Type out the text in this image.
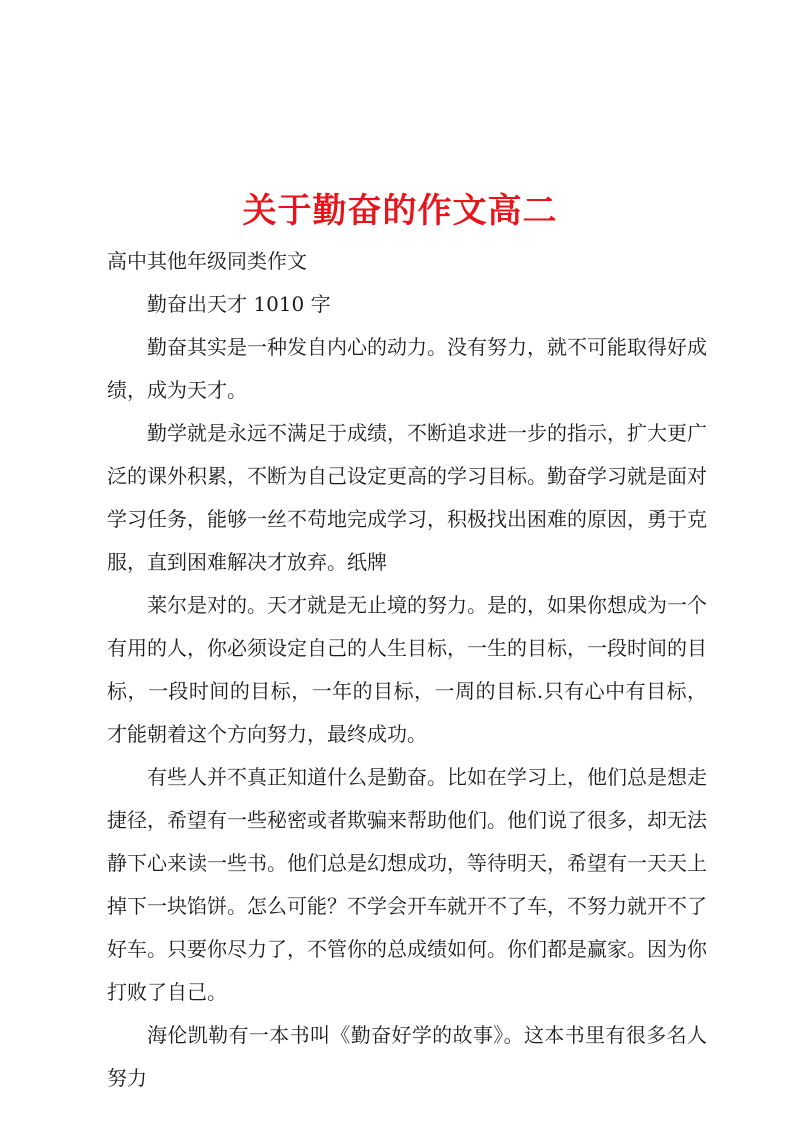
关于勤奋的作文高二

高中其他年级同类作文

勤奋出天才 1010 字

勤奋其实是一种发自内心的动力。没有努力，就不可能取得好成绩，成为天才。

勤学就是永远不满足于成绩，不断追求进一步的指示，扩大更广泛的课外积累，不断为自己设定更高的学习目标。勤奋学习就是面对学习任务，能够一丝不苟地完成学习，积极找出困难的原因，勇于克服，直到困难解决才放弃。纸牌

莱尔是对的。天才就是无止境的努力。是的，如果你想成为一个有用的人，你必须设定自己的人生目标，一生的目标，一段时间的目标，一段时间的目标，一年的目标，一周的目标.只有心中有目标，才能朝着这个方向努力，最终成功。

有些人并不真正知道什么是勤奋。比如在学习上，他们总是想走捷径，希望有一些秘密或者欺骗来帮助他们。他们说了很多，却无法静下心来读一些书。他们总是幻想成功，等待明天，希望有一天天上掉下一块馅饼。怎么可能？不学会开车就开不了车，不努力就开不了好车。只要你尽力了，不管你的总成绩如何。你们都是赢家。因为你打败了自己。

海伦凯勒有一本书叫《勤奋好学的故事》。这本书里有很多名人努力
